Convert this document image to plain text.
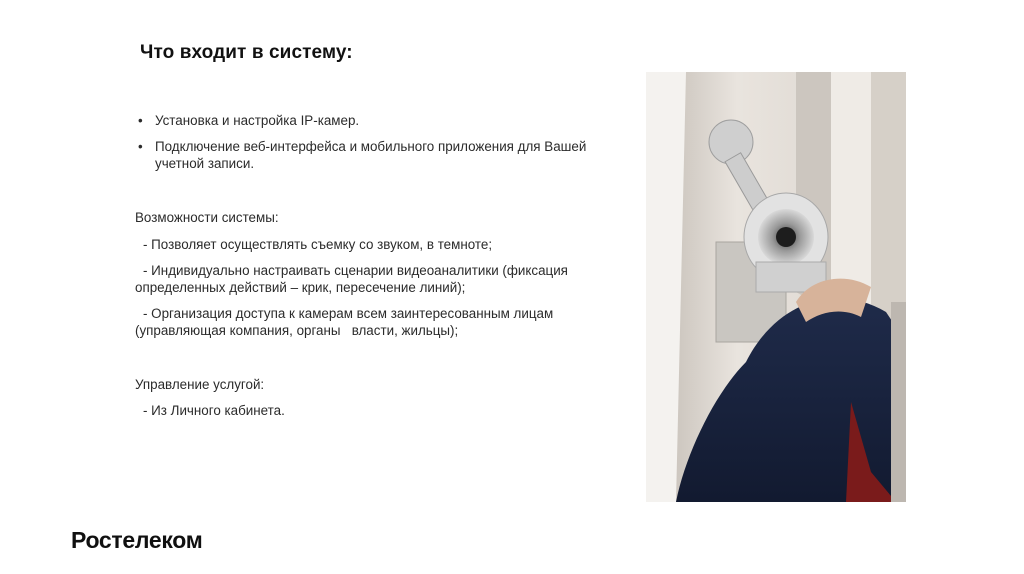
Что входит в систему:
• Установка и настройка IP-камер.
• Подключение веб-интерфейса и мобильного приложения для Вашей учетной записи.
Возможности системы:
- Позволяет осуществлять съемку со звуком, в темноте;
- Индивидуально настраивать сценарии видеоаналитики (фиксация определенных действий – крик, пересечение линий);
- Организация доступа к камерам всем заинтересованным лицам (управляющая компания, органы   власти, жильцы);
Управление услугой:
- Из Личного кабинета.
Ростелеком
